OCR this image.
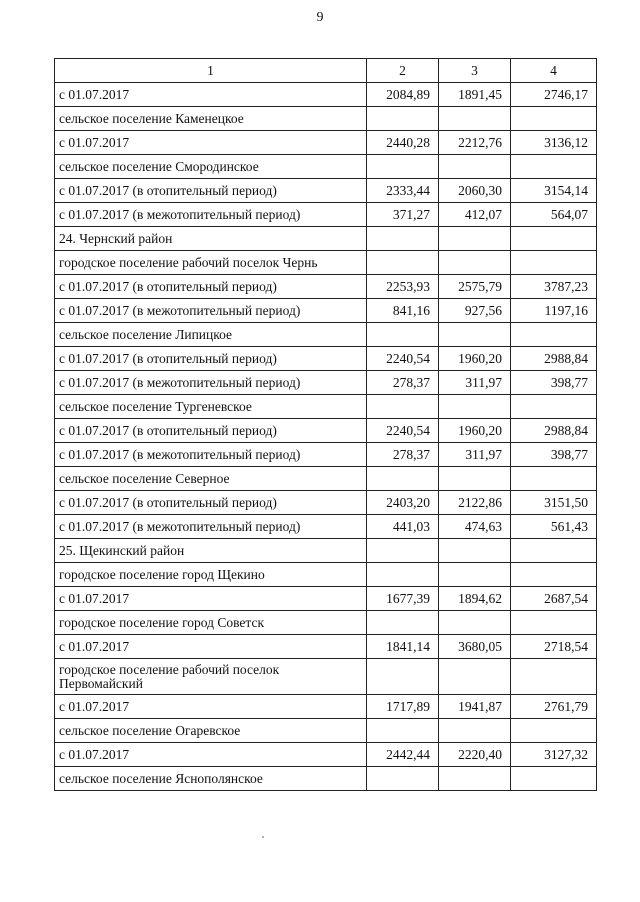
9
1	2	3	4
с 01.07.2017	2084,89	1891,45	2746,17
сельское поселение Каменецкое			
с 01.07.2017	2440,28	2212,76	3136,12
сельское поселение Смородинское			
с 01.07.2017 (в отопительный период)	2333,44	2060,30	3154,14
с 01.07.2017 (в межотопительный период)	371,27	412,07	564,07
24. Чернский район			
городское поселение рабочий поселок Чернь			
с 01.07.2017 (в отопительный период)	2253,93	2575,79	3787,23
с 01.07.2017 (в межотопительный период)	841,16	927,56	1197,16
сельское поселение Липицкое			
с 01.07.2017 (в отопительный период)	2240,54	1960,20	2988,84
с 01.07.2017 (в межотопительный период)	278,37	311,97	398,77
сельское поселение Тургеневское			
с 01.07.2017 (в отопительный период)	2240,54	1960,20	2988,84
с 01.07.2017 (в межотопительный период)	278,37	311,97	398,77
сельское поселение Северное			
с 01.07.2017 (в отопительный период)	2403,20	2122,86	3151,50
с 01.07.2017 (в межотопительный период)	441,03	474,63	561,43
25. Щекинский район			
городское поселение город Щекино			
с 01.07.2017	1677,39	1894,62	2687,54
городское поселение город Советск			
с 01.07.2017	1841,14	3680,05	2718,54
городское поселение рабочий поселок Первомайский			
с 01.07.2017	1717,89	1941,87	2761,79
сельское поселение Огаревское			
с 01.07.2017	2442,44	2220,40	3127,32
сельское поселение Яснополянское			
